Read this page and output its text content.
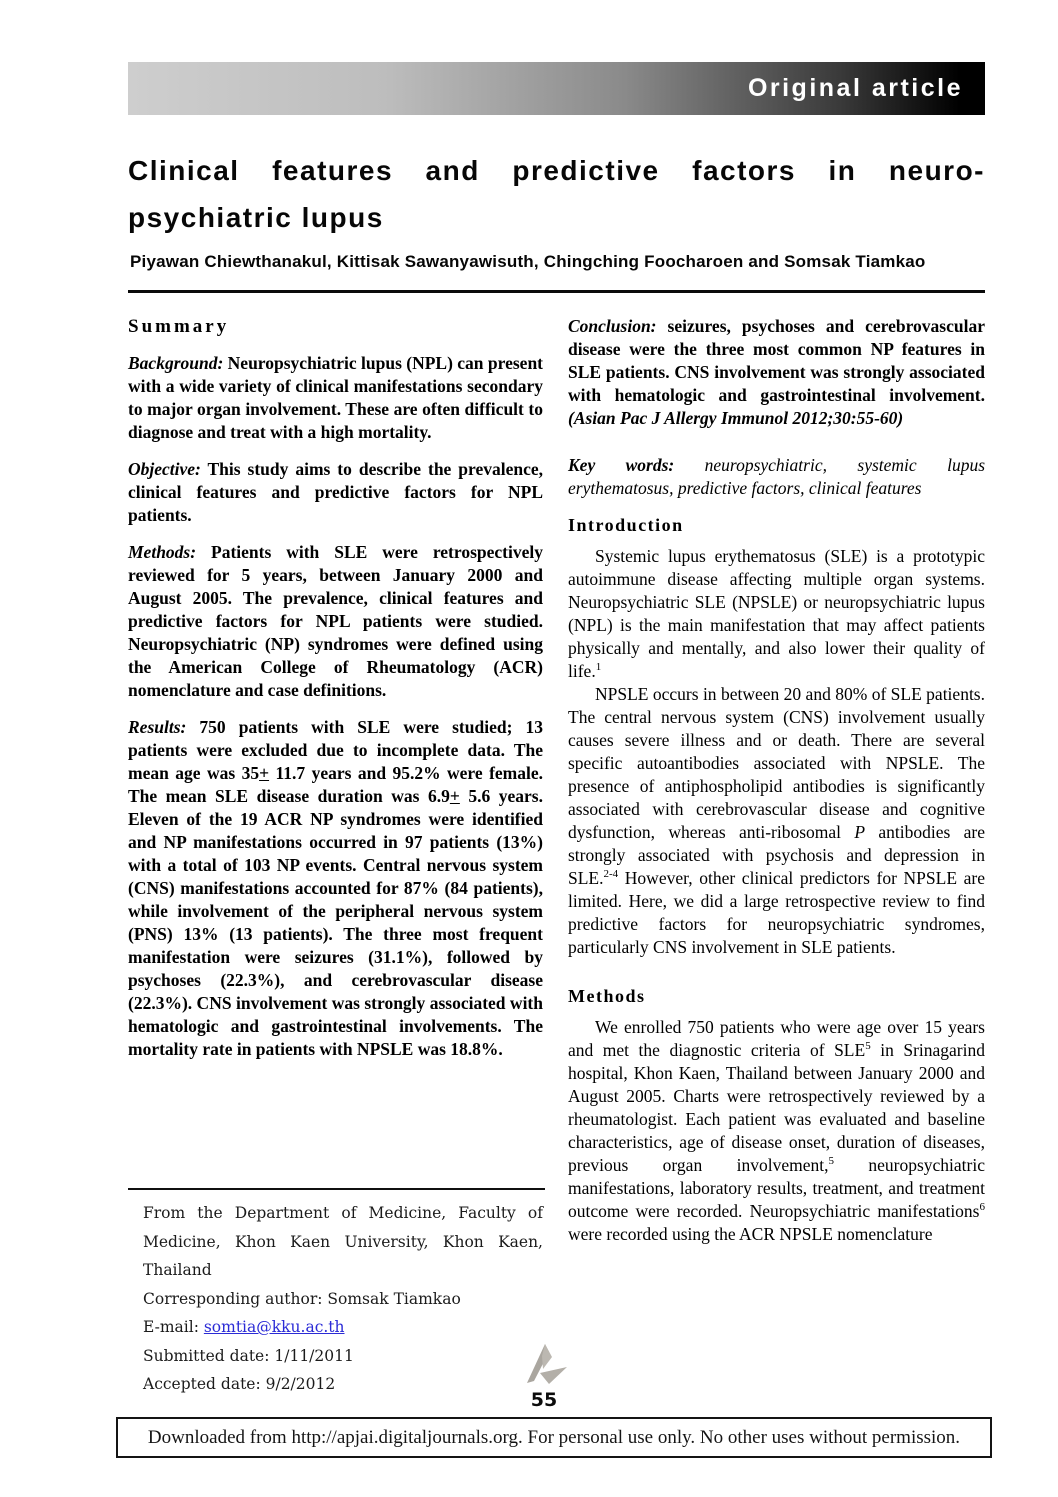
Original article
Clinical features and predictive factors in neuro-
psychiatric lupus
Piyawan Chiewthanakul, Kittisak Sawanyawisuth, Chingching Foocharoen and Somsak Tiamkao
Summary

Background: Neuropsychiatric lupus (NPL) can present with a wide variety of clinical manifestations secondary to major organ involvement. These are often difficult to diagnose and treat with a high mortality.

Objective: This study aims to describe the prevalence, clinical features and predictive factors for NPL patients.

Methods: Patients with SLE were retrospectively reviewed for 5 years, between January 2000 and August 2005. The prevalence, clinical features and predictive factors for NPL patients were studied. Neuropsychiatric (NP) syndromes were defined using the American College of Rheumatology (ACR) nomenclature and case definitions.

Results: 750 patients with SLE were studied; 13 patients were excluded due to incomplete data. The mean age was 35+ 11.7 years and 95.2% were female. The mean SLE disease duration was 6.9+ 5.6 years. Eleven of the 19 ACR NP syndromes were identified and NP manifestations occurred in 97 patients (13%) with a total of 103 NP events. Central nervous system (CNS) manifestations accounted for 87% (84 patients), while involvement of the peripheral nervous system (PNS) 13% (13 patients). The three most frequent manifestation were seizures (31.1%), followed by psychoses (22.3%), and cerebrovascular disease (22.3%). CNS involvement was strongly associated with hematologic and gastrointestinal involvements. The mortality rate in patients with NPSLE was 18.8%.

Conclusion: seizures, psychoses and cerebrovascular disease were the three most common NP features in SLE patients. CNS involvement was strongly associated with hematologic and gastrointestinal involvement. (Asian Pac J Allergy Immunol 2012;30:55-60)

Key words: neuropsychiatric, systemic lupus erythematosus, predictive factors, clinical features

Introduction

Systemic lupus erythematosus (SLE) is a prototypic autoimmune disease affecting multiple organ systems. Neuropsychiatric SLE (NPSLE) or neuropsychiatric lupus (NPL) is the main manifestation that may affect patients physically and mentally, and also lower their quality of life.$^1$

NPSLE occurs in between 20 and 80% of SLE patients. The central nervous system (CNS) involvement usually causes severe illness and or death. There are several specific autoantibodies associated with NPSLE. The presence of antiphospholipid antibodies is significantly associated with cerebrovascular disease and cognitive dysfunction, whereas anti-ribosomal P antibodies are strongly associated with psychosis and depression in SLE.$^{2-4}$ However, other clinical predictors for NPSLE are limited. Here, we did a large retrospective review to find predictive factors for neuropsychiatric syndromes, particularly CNS involvement in SLE patients.

Methods

We enrolled 750 patients who were age over 15 years and met the diagnostic criteria of SLE$^5$ in Srinagarind hospital, Khon Kaen, Thailand between January 2000 and August 2005. Charts were retrospectively reviewed by a rheumatologist. Each patient was evaluated and baseline characteristics, age of disease onset, duration of diseases, previous organ involvement,$^5$ neuropsychiatric manifestations, laboratory results, treatment, and treatment outcome were recorded. Neuropsychiatric manifestations$^6$ were recorded using the ACR NPSLE nomenclature

From the Department of Medicine, Faculty of Medicine, Khon Kaen University, Khon Kaen, Thailand
Corresponding author: Somsak Tiamkao
E-mail: somtia@kku.ac.th
Submitted date: 1/11/2011
Accepted date: 9/2/2012
55
Downloaded from http://apjai.digitaljournals.org. For personal use only. No other uses without permission.
